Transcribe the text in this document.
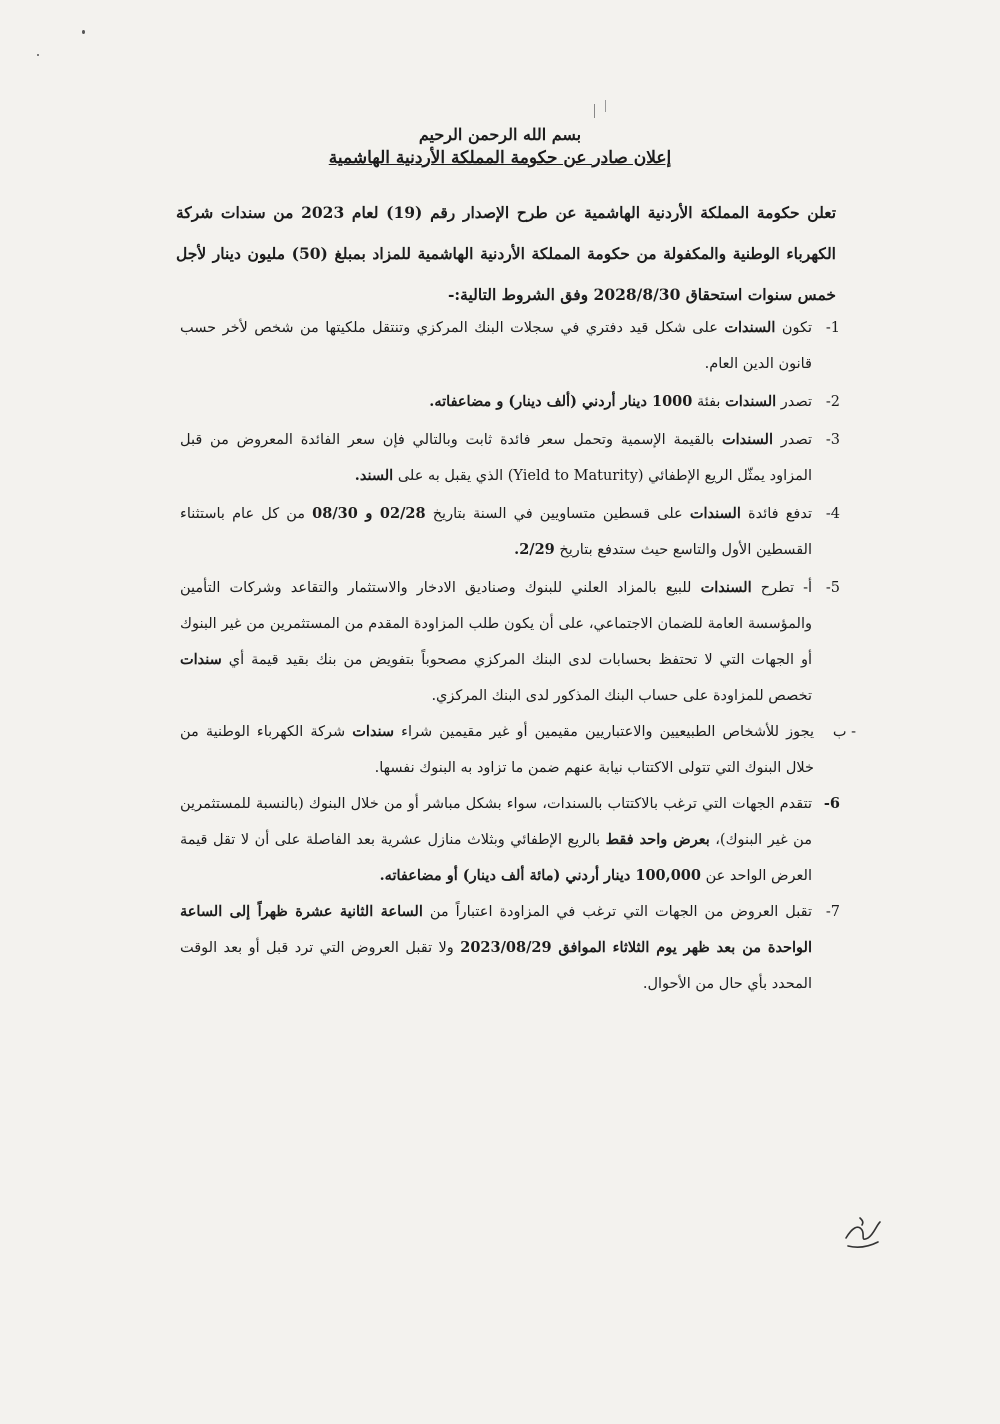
بسم الله الرحمن الرحيم
إعلان صادر عن حكومة المملكة الأردنية الهاشمية
تعلن حكومة المملكة الأردنية الهاشمية عن طرح الإصدار رقم (19) لعام 2023 من سندات شركة الكهرباء الوطنية والمكفولة من حكومة المملكة الأردنية الهاشمية للمزاد بمبلغ (50) مليون دينار لأجل خمس سنوات استحقاق 2028/8/30 وفق الشروط التالية:-
-1
تكون السندات على شكل قيد دفتري في سجلات البنك المركزي وتنتقل ملكيتها من شخص لأخر حسب قانون الدين العام.
-2
تصدر السندات بفئة 1000 دينار أردني (ألف دينار) و مضاعفاته.
-3
تصدر السندات بالقيمة الإسمية وتحمل سعر فائدة ثابت وبالتالي فإن سعر الفائدة المعروض من قبل المزاود يمثّل الريع الإطفائي (Yield to Maturity) الذي يقبل به على السند.
-4
تدفع فائدة السندات على قسطين متساويين في السنة بتاريخ 02/28 و 08/30 من كل عام باستثناء القسطين الأول والتاسع حيث ستدفع بتاريخ 2/29.
-5
أ- تطرح السندات للبيع بالمزاد العلني للبنوك وصناديق الادخار والاستثمار والتقاعد وشركات التأمين والمؤسسة العامة للضمان الاجتماعي، على أن يكون طلب المزاودة المقدم من المستثمرين من غير البنوك أو الجهات التي لا تحتفظ بحسابات لدى البنك المركزي مصحوباً بتفويض من بنك بقيد قيمة أي سندات تخصص للمزاودة على حساب البنك المذكور لدى البنك المركزي.
ب -
يجوز للأشخاص الطبيعيين والاعتباريين مقيمين أو غير مقيمين شراء سندات شركة الكهرباء الوطنية من خلال البنوك التي تتولى الاكتتاب نيابة عنهم ضمن ما تزاود به البنوك نفسها.
-6
تتقدم الجهات التي ترغب بالاكتتاب بالسندات، سواء بشكل مباشر أو من خلال البنوك (بالنسبة للمستثمرين من غير البنوك)، بعرض واحد فقط بالريع الإطفائي وبثلاث منازل عشرية بعد الفاصلة على أن لا تقل قيمة العرض الواحد عن 100,000 دينار أردني (مائة ألف دينار) أو مضاعفاته.
-7
تقبل العروض من الجهات التي ترغب في المزاودة اعتباراً من الساعة الثانية عشرة ظهراً إلى الساعة الواحدة من بعد ظهر يوم الثلاثاء الموافق 2023/08/29 ولا تقبل العروض التي ترد قبل أو بعد الوقت المحدد بأي حال من الأحوال.
